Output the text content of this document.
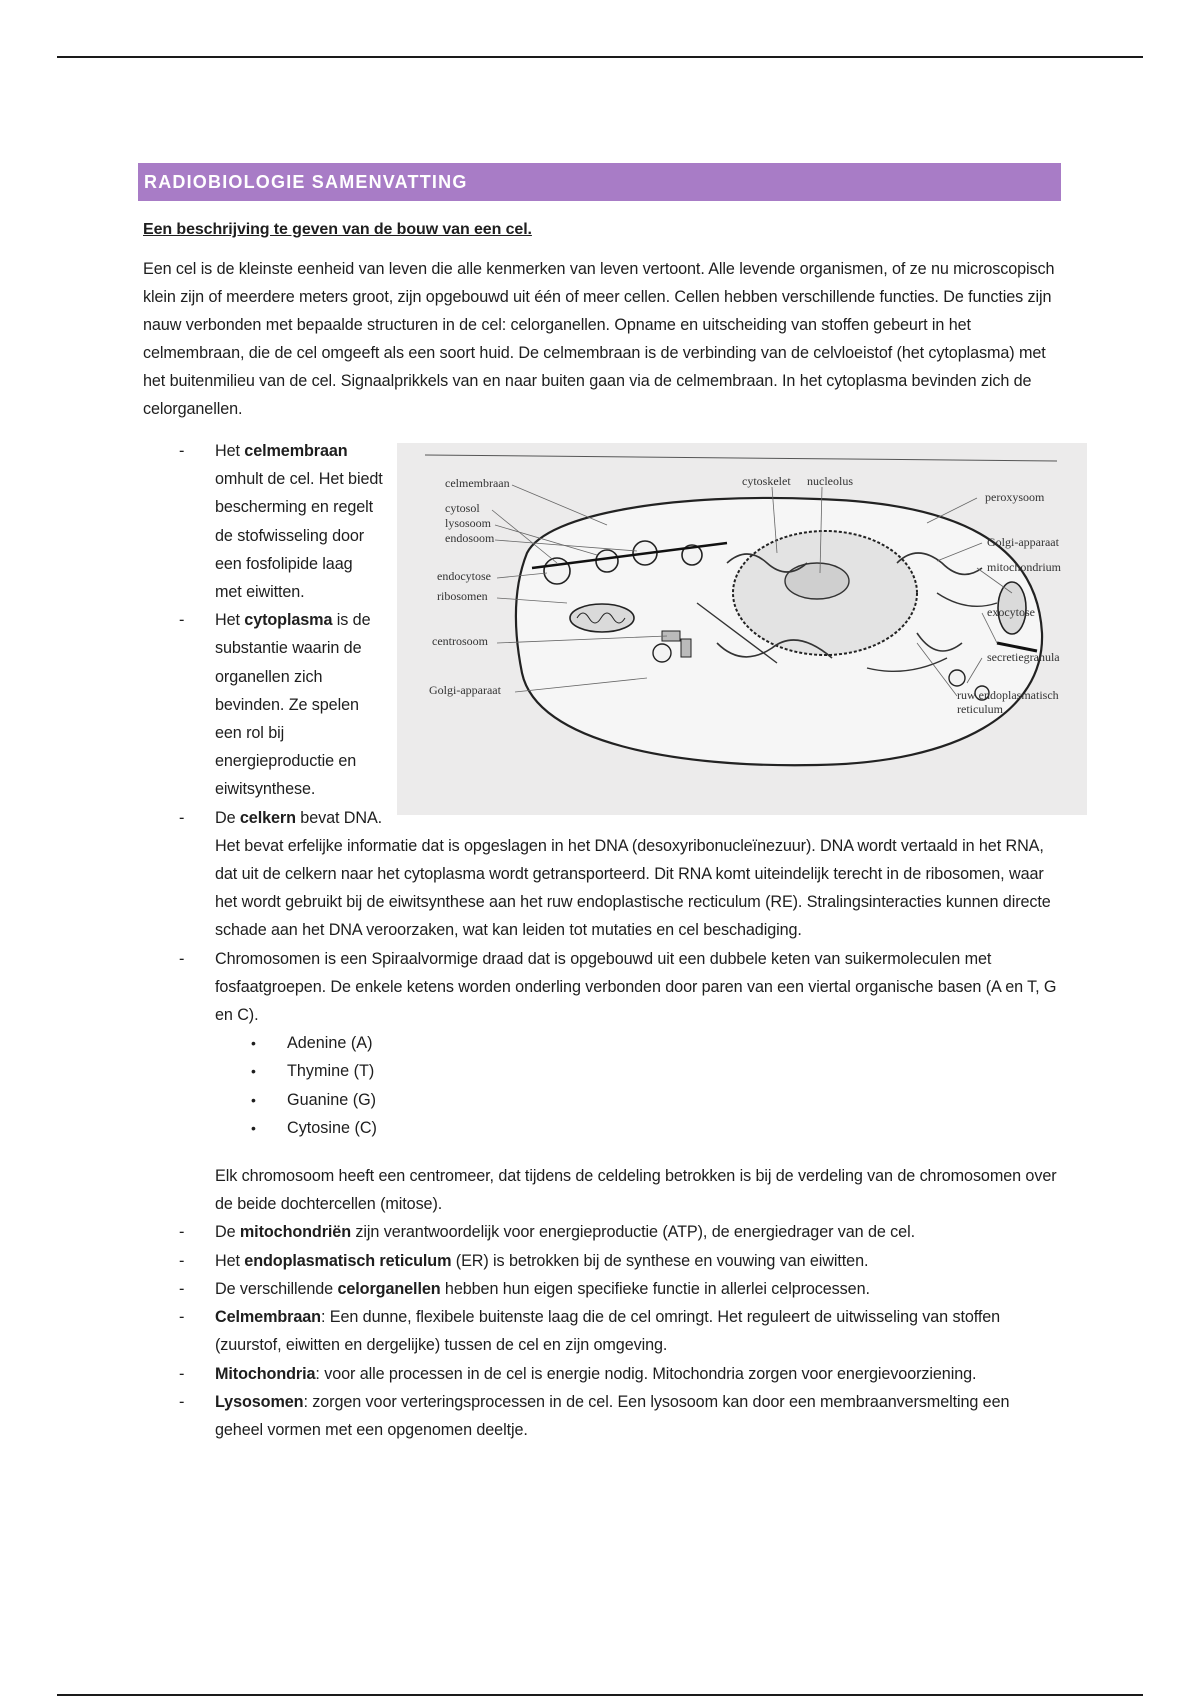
RADIOBIOLOGIE SAMENVATTING
Een beschrijving te geven van de bouw van een cel.

Een cel is de kleinste eenheid van leven die alle kenmerken van leven vertoont. Alle levende organismen, of ze nu microscopisch klein zijn of meerdere meters groot, zijn opgebouwd uit één of meer cellen. Cellen hebben verschillende functies. De functies zijn nauw verbonden met bepaalde structuren in de cel: celorganellen. Opname en uitscheiding van stoffen gebeurt in het celmembraan, die de cel omgeeft als een soort huid. De celmembraan is de verbinding van de celvloeistof (het cytoplasma) met het buitenmilieu van de cel. Signaalprikkels van en naar buiten gaan via de celmembraan. In het cytoplasma bevinden zich de celorganellen.

celmembraan
cytosol
lysosoom
endosoom
endocytose
ribosomen
centrosoom
Golgi-apparaat
cytoskelet nucleolus
peroxysoom
Golgi-apparaat
mitochondrium
exocytose
secretiegranula
ruw endoplasmatisch
reticulum
- Het celmembraan omhult de cel. Het biedt bescherming en regelt de stofwisseling door een fosfolipide laag met eiwitten.
- Het cytoplasma is de substantie waarin de organellen zich bevinden. Ze spelen een rol bij energieproductie en eiwitsynthese.
- De celkern bevat DNA. Het bevat erfelijke informatie dat is opgeslagen in het DNA (desoxyribonucleïnezuur). DNA wordt vertaald in het RNA, dat uit de celkern naar het cytoplasma wordt getransporteerd. Dit RNA komt uiteindelijk terecht in de ribosomen, waar het wordt gebruikt bij de eiwitsynthese aan het ruw endoplastische recticulum (RE). Stralingsinteracties kunnen directe schade aan het DNA veroorzaken, wat kan leiden tot mutaties en cel beschadiging.
- Chromosomen is een Spiraalvormige draad dat is opgebouwd uit een dubbele keten van suikermoleculen met fosfaatgroepen. De enkele ketens worden onderling verbonden door paren van een viertal organische basen (A en T, G en C).
• Adenine (A)
• Thymine (T)
• Guanine (G)
• Cytosine (C)

Elk chromosoom heeft een centromeer, dat tijdens de celdeling betrokken is bij de verdeling van de chromosomen over de beide dochtercellen (mitose).

- De mitochondriën zijn verantwoordelijk voor energieproductie (ATP), de energiedrager van de cel.
- Het endoplasmatisch reticulum (ER) is betrokken bij de synthese en vouwing van eiwitten.
- De verschillende celorganellen hebben hun eigen specifieke functie in allerlei celprocessen.
- Celmembraan: Een dunne, flexibele buitenste laag die de cel omringt. Het reguleert de uitwisseling van stoffen (zuurstof, eiwitten en dergelijke) tussen de cel en zijn omgeving.
- Mitochondria: voor alle processen in de cel is energie nodig. Mitochondria zorgen voor energievoorziening.
- Lysosomen: zorgen voor verteringsprocessen in de cel. Een lysosoom kan door een membraanversmelting een geheel vormen met een opgenomen deeltje.
